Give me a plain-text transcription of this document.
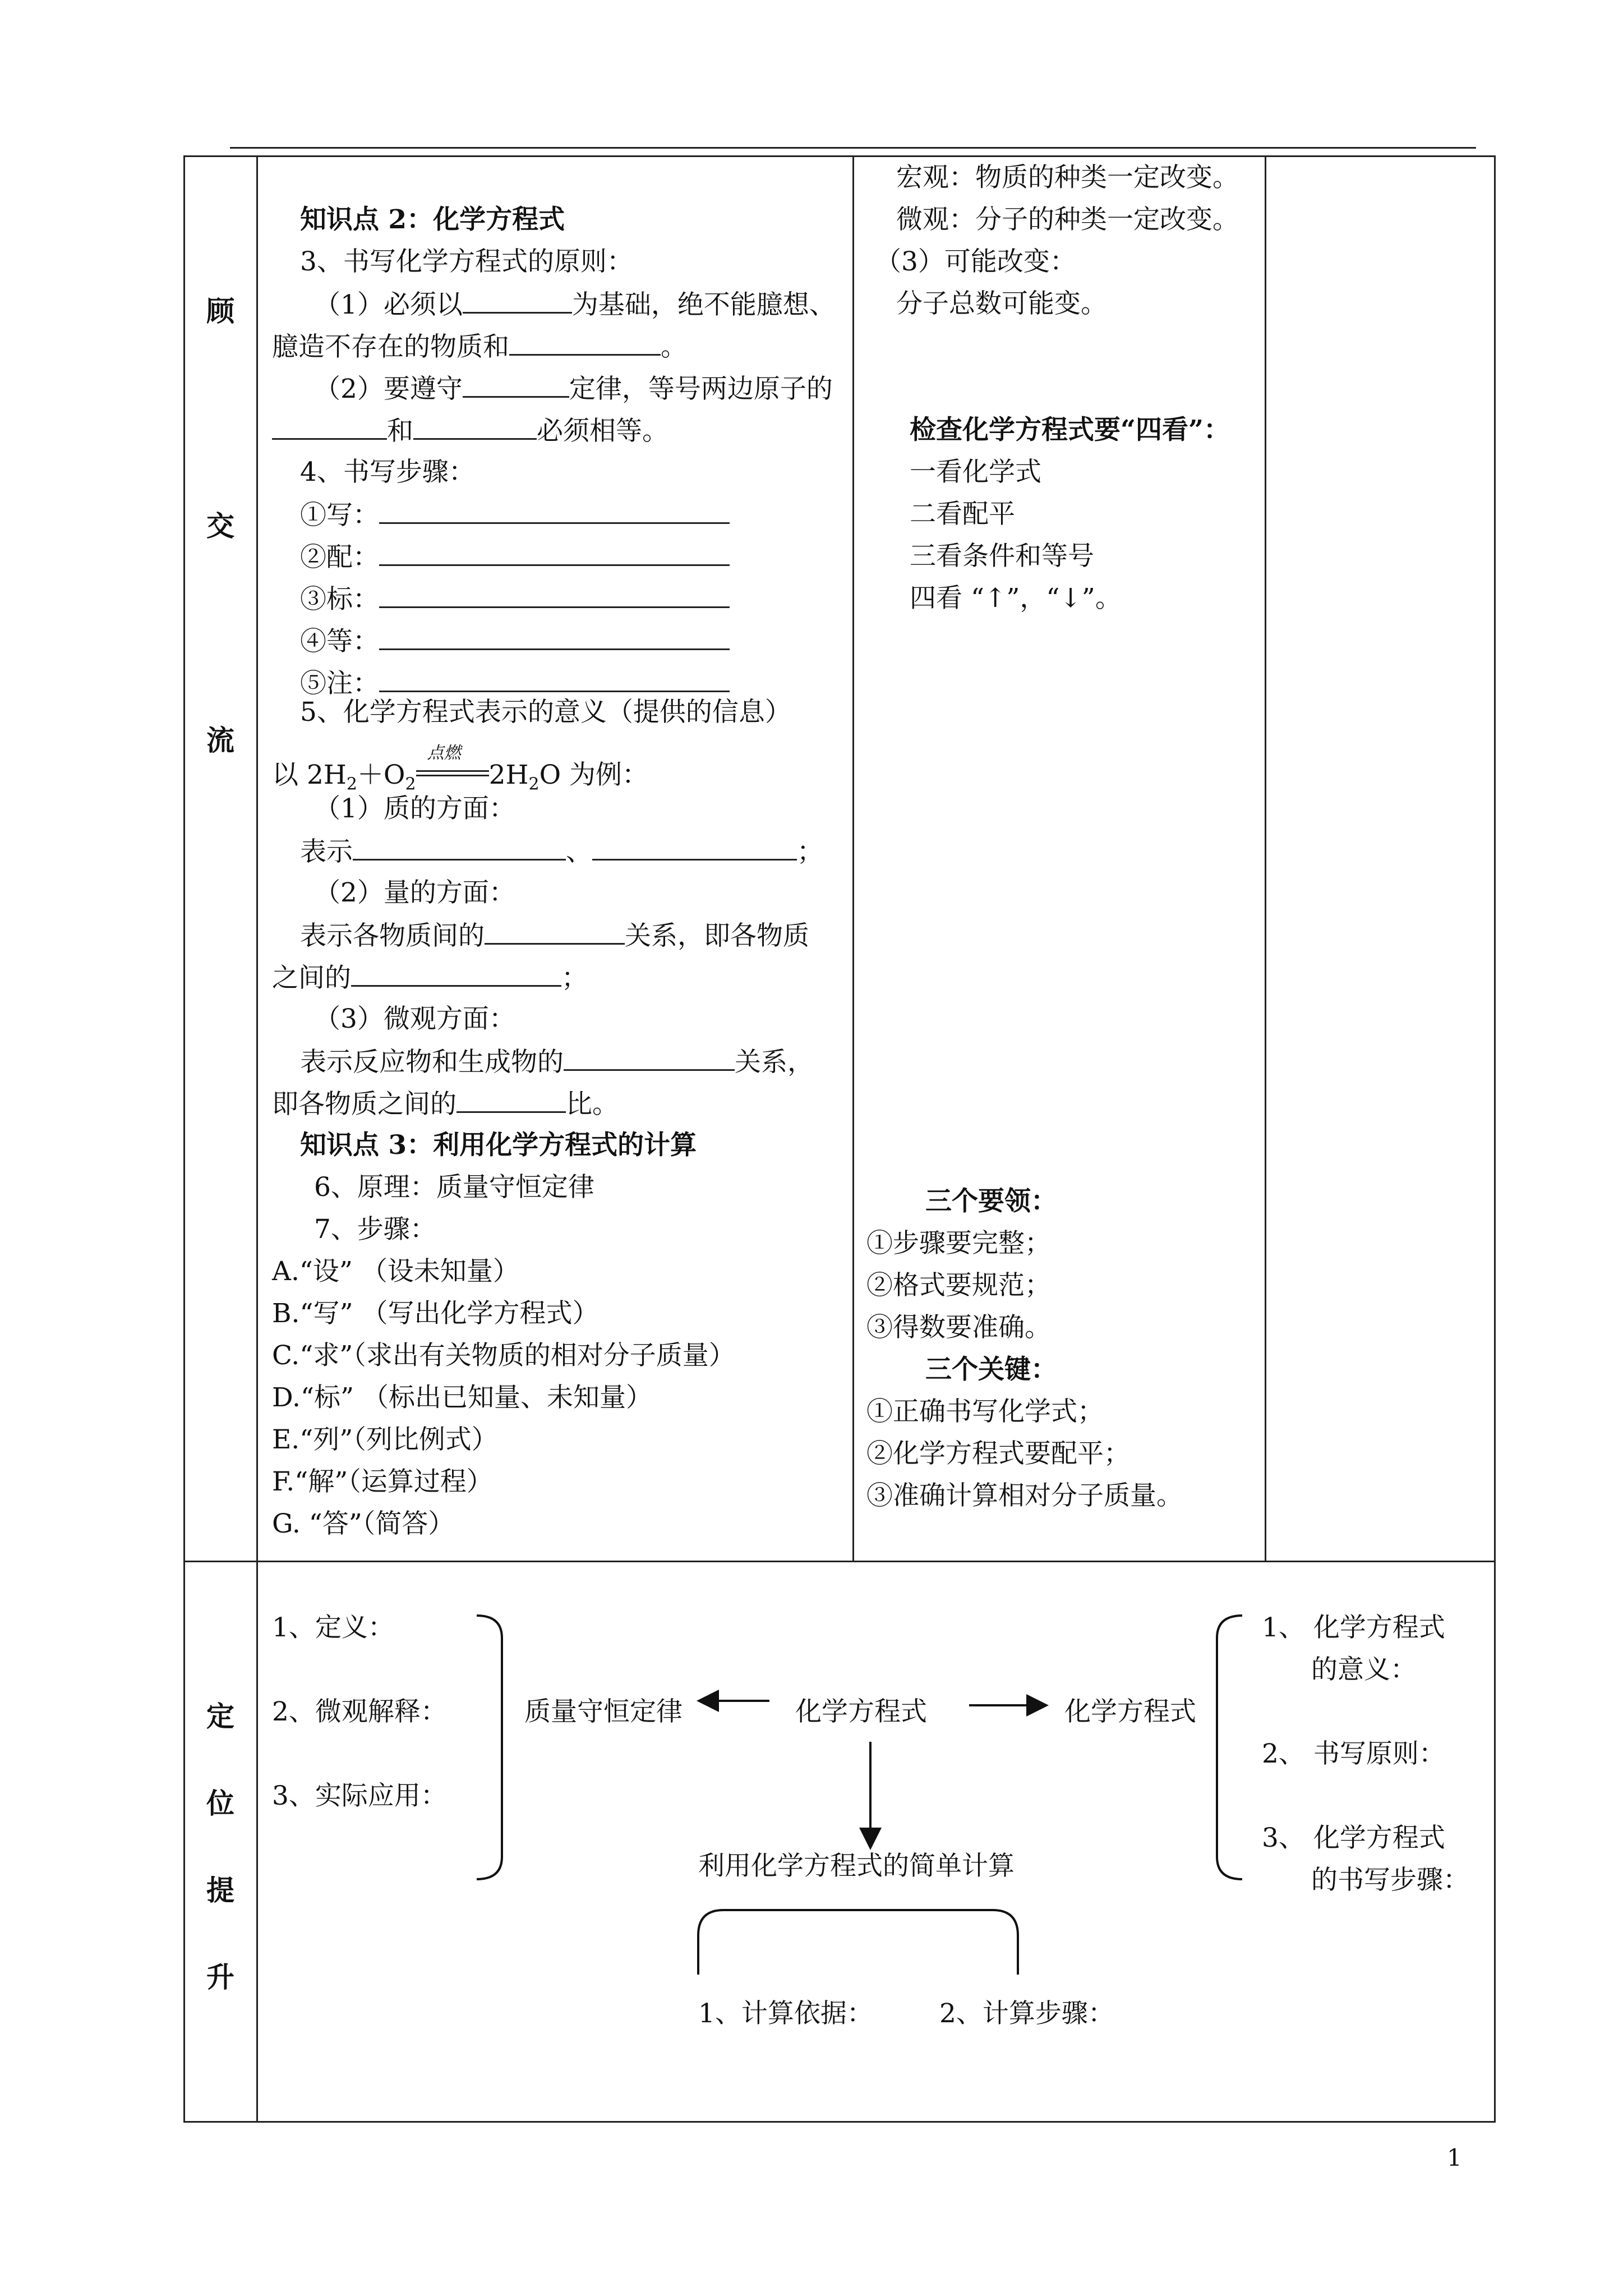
顾
交
流
定
位
提
升
知识点 2：化学方程式
3、书写化学方程式的原则：
（1）必须以	为基础，绝不能臆想、
臆造不存在的物质和	。
（2）要遵守	定律，等号两边原子的
和	必须相等。
4、书写步骤：
①写：
②配：
③标：
④等：
⑤注：
5、化学方程式表示的意义（提供的信息）
以 $2H_2+O_2$
点燃
$2H_2O$ 为例：
（1）质的方面：
表示	、	；
（2）量的方面：
表示各物质间的	关系，即各物质
之间的	；
（3）微观方面：
表示反应物和生成物的	关系，
即各物质之间的	比。
知识点 3：利用化学方程式的计算
6、原理：质量守恒定律
7、步骤：
A.“设” （设未知量）
B.“写” （写出化学方程式）
C.“求”（求出有关物质的相对分子质量）
D.“标” （标出已知量、未知量）
E.“列”（列比例式）
F.“解”（运算过程）
G. “答”（简答）
宏观：物质的种类一定改变。
微观：分子的种类一定改变。
（3）可能改变：
分子总数可能变。
检查化学方程式要“四看”：
一看化学式
二看配平
三看条件和等号
四看 “↑”，“↓”。
三个要领：
①步骤要完整；
②格式要规范；
③得数要准确。
三个关键：
①正确书写化学式；
②化学方程式要配平；
③准确计算相对分子质量。
1、定义：
2、微观解释：
3、实际应用：
质量守恒定律	化学方程式	化学方程式
利用化学方程式的简单计算
1、计算依据：	2、计算步骤：
1、 化学方程式
的意义：
2、 书写原则：
3、 化学方程式
的书写步骤：
1
